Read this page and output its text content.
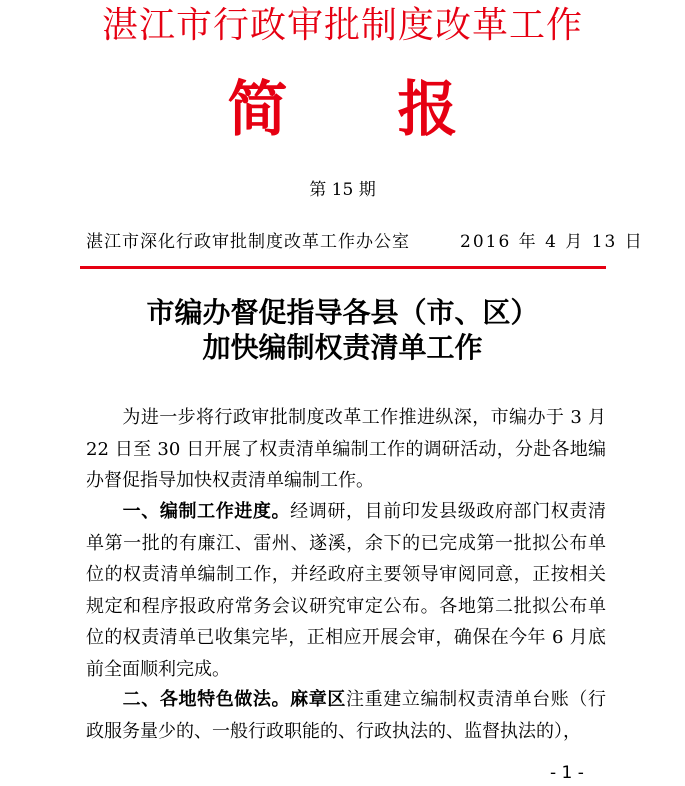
湛江市行政审批制度改革工作
简报
第 15 期
湛江市深化行政审批制度改革工作办公室	2016 年 4 月 13 日
市编办督促指导各县（市、区）
加快编制权责清单工作
为进一步将行政审批制度改革工作推进纵深，市编办于 3 月 22 日至 30 日开展了权责清单编制工作的调研活动，分赴各地编办督促指导加快权责清单编制工作。
一、编制工作进度。经调研，目前印发县级政府部门权责清单第一批的有廉江、雷州、遂溪，余下的已完成第一批拟公布单位的权责清单编制工作，并经政府主要领导审阅同意，正按相关规定和程序报政府常务会议研究审定公布。各地第二批拟公布单位的权责清单已收集完毕，正相应开展会审，确保在今年 6 月底前全面顺利完成。
二、各地特色做法。麻章区注重建立编制权责清单台账（行政服务量少的、一般行政职能的、行政执法的、监督执法的），
- 1 -
